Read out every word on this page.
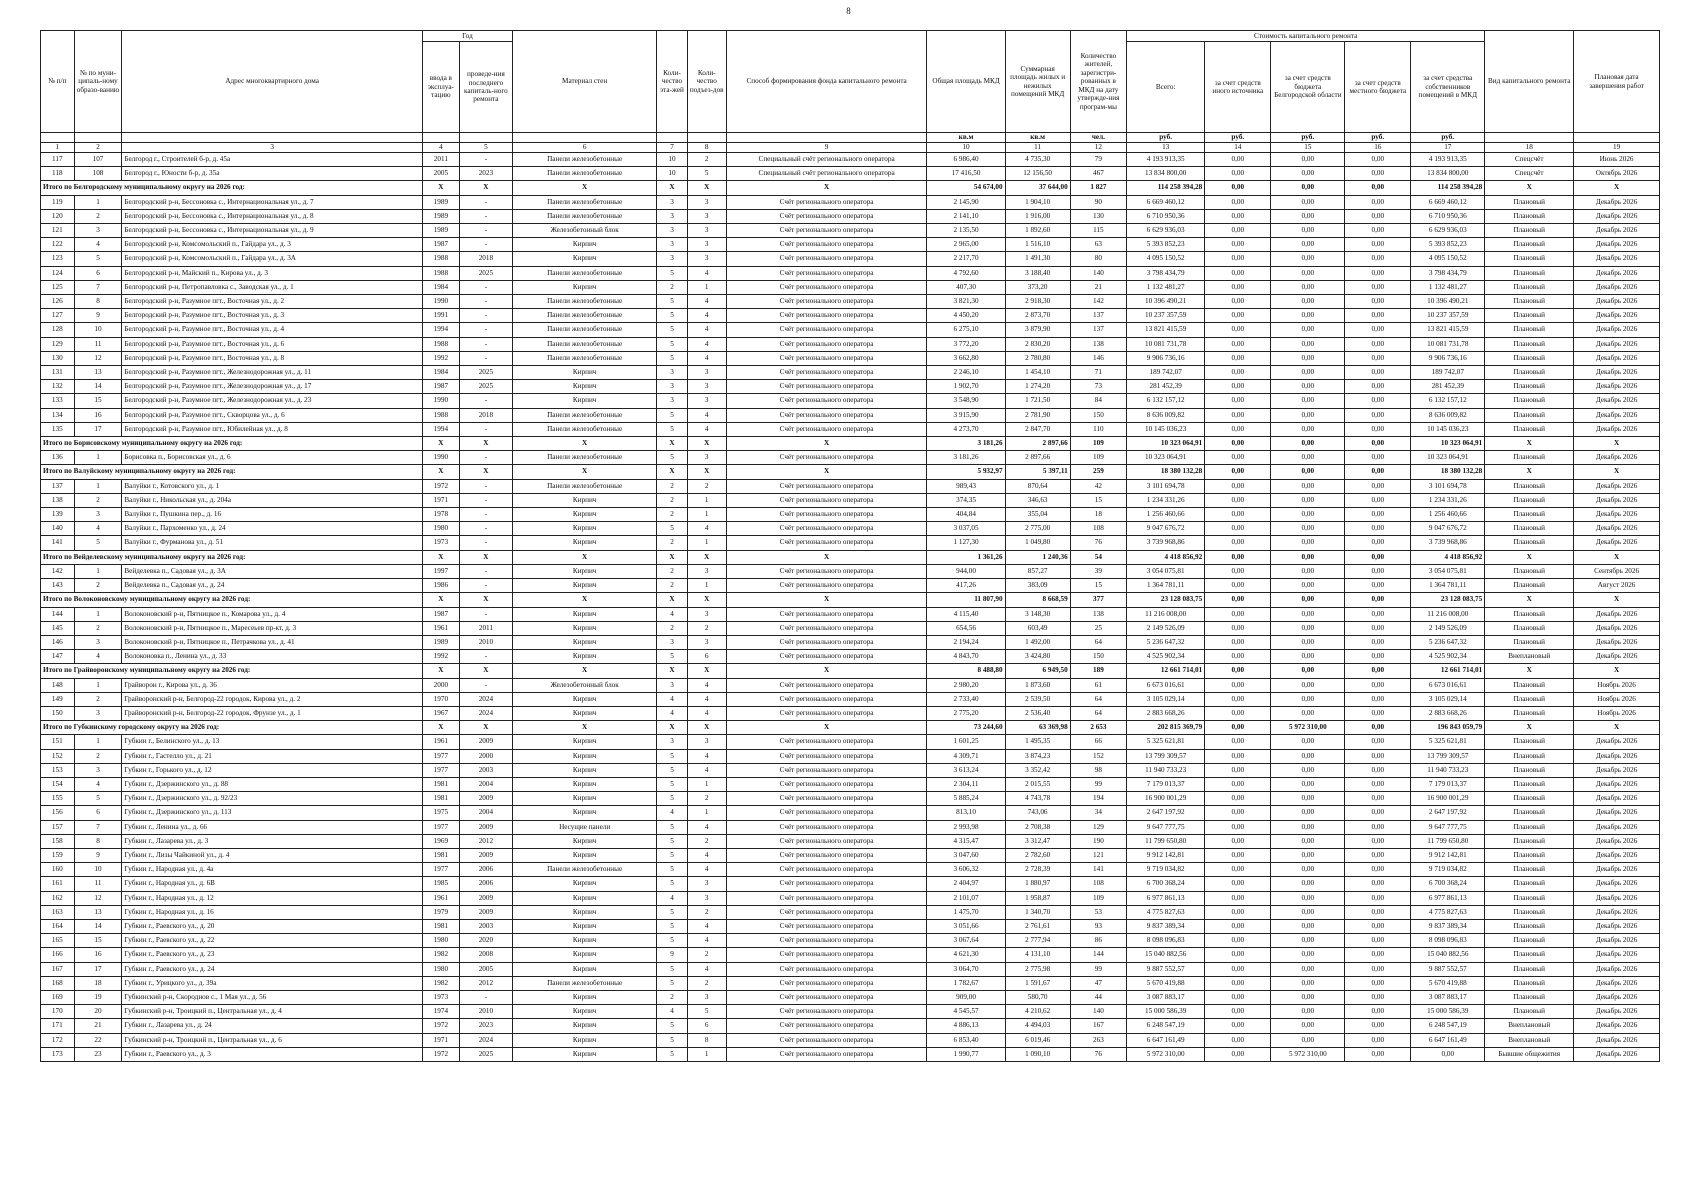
8
№ п/п	№ по муни-ципаль-ному образо-ванию	Адрес многоквартирного дома	Год		Материал стен	Коли-чество эта-жей	Коли-чество подъез-дов	Способ формирования фонда капитального ремонта	Общая площадь МКД	Суммарная площадь жилых и нежилых помещений МКД	Количество жителей, зарегистри-рованных в МКД на дату утвержде-ния програм-мы	Стоимость капитального ремонта					Вид капитального ремонта	Плановая дата завершения работ
			ввода в эксплуа-тацию	проведе-ния последнего капиталь-ного ремонта								Всего:	за счет средств иного источника	за счет средств бюджета Белгородской области	за счет средств местного бюджета	за счет средства собственников помещений в МКД		
									кв.м	кв.м	чел.	руб.	руб.	руб.	руб.	руб.		
1	2	3	4	5	6	7	8	9	10	11	12	13	14	15	16	17	18	19
117	107	Белгород г., Строителей б-р, д. 45а	2011	-	Панели железобетонные	10	2	Специальный счёт регионального оператора	6 986,40	4 735,30	79	4 193 913,35	0,00	0,00	0,00	4 193 913,35	Спецсчёт	Июнь 2026
118	108	Белгород г., Юности б-р, д. 35а	2005	2023	Панели железобетонные	10	5	Специальный счёт регионального оператора	17 416,50	12 156,50	467	13 834 800,00	0,00	0,00	0,00	13 834 800,00	Спецсчёт	Октябрь 2026
Итого по Белгородскому муниципальному округу на 2026 год:			X	X	X	X	X	X	54 674,00	37 644,00	1 827	114 258 394,28	0,00	0,00	0,00	114 258 394,28	X	X
119	1	Белгородский р-н, Бессоновка с., Интернациональная ул., д. 7	1989	-	Панели железобетонные	3	3	Счёт регионального оператора	2 145,90	1 904,10	90	6 669 460,12	0,00	0,00	0,00	6 669 460,12	Плановый	Декабрь 2026
120	2	Белгородский р-н, Бессоновка с., Интернациональная ул., д. 8	1989	-	Панели железобетонные	3	3	Счёт регионального оператора	2 141,10	1 916,00	130	6 710 950,36	0,00	0,00	0,00	6 710 950,36	Плановый	Декабрь 2026
121	3	Белгородский р-н, Бессоновка с., Интернациональная ул., д. 9	1989	-	Железобетонный блок	3	3	Счёт регионального оператора	2 135,50	1 892,60	115	6 629 936,03	0,00	0,00	0,00	6 629 936,03	Плановый	Декабрь 2026
122	4	Белгородский р-н, Комсомольский п., Гайдара ул., д. 3	1987	-	Кирпич	3	3	Счёт регионального оператора	2 965,00	1 516,10	63	5 393 852,23	0,00	0,00	0,00	5 393 852,23	Плановый	Декабрь 2026
123	5	Белгородский р-н, Комсомольский п., Гайдара ул., д. 3А	1988	2018	Кирпич	3	3	Счёт регионального оператора	2 217,70	1 491,30	80	4 095 150,52	0,00	0,00	0,00	4 095 150,52	Плановый	Декабрь 2026
124	6	Белгородский р-н, Майский п., Кирова ул., д. 3	1988	2025	Панели железобетонные	5	4	Счёт регионального оператора	4 792,60	3 188,40	140	3 798 434,79	0,00	0,00	0,00	3 798 434,79	Плановый	Декабрь 2026
125	7	Белгородский р-н, Петропавловка с., Заводская ул., д. 1	1984	-	Кирпич	2	1	Счёт регионального оператора	407,30	373,20	21	1 132 481,27	0,00	0,00	0,00	1 132 481,27	Плановый	Декабрь 2026
126	8	Белгородский р-н, Разумное пгт., Восточная ул., д. 2	1990	-	Панели железобетонные	5	4	Счёт регионального оператора	3 821,30	2 918,30	142	10 396 490,21	0,00	0,00	0,00	10 396 490,21	Плановый	Декабрь 2026
127	9	Белгородский р-н, Разумное пгт., Восточная ул., д. 3	1991	-	Панели железобетонные	5	4	Счёт регионального оператора	4 450,20	2 873,70	137	10 237 357,59	0,00	0,00	0,00	10 237 357,59	Плановый	Декабрь 2026
128	10	Белгородский р-н, Разумное пгт., Восточная ул., д. 4	1994	-	Панели железобетонные	5	4	Счёт регионального оператора	6 275,10	3 879,90	137	13 821 415,59	0,00	0,00	0,00	13 821 415,59	Плановый	Декабрь 2026
129	11	Белгородский р-н, Разумное пгт., Восточная ул., д. 6	1988	-	Панели железобетонные	5	4	Счёт регионального оператора	3 772,20	2 830,20	138	10 081 731,78	0,00	0,00	0,00	10 081 731,78	Плановый	Декабрь 2026
130	12	Белгородский р-н, Разумное пгт., Восточная ул., д. 8	1992	-	Панели железобетонные	5	4	Счёт регионального оператора	3 662,80	2 780,80	146	9 906 736,16	0,00	0,00	0,00	9 906 736,16	Плановый	Декабрь 2026
131	13	Белгородский р-н, Разумное пгт., Железнодорожная ул., д. 11	1984	2025	Кирпич	3	3	Счёт регионального оператора	2 246,10	1 454,10	71	189 742,07	0,00	0,00	0,00	189 742,07	Плановый	Декабрь 2026
132	14	Белгородский р-н, Разумное пгт., Железнодорожная ул., д. 17	1987	2025	Кирпич	3	3	Счёт регионального оператора	1 902,70	1 274,20	73	281 452,39	0,00	0,00	0,00	281 452,39	Плановый	Декабрь 2026
133	15	Белгородский р-н, Разумное пгт., Железнодорожная ул., д. 23	1990	-	Кирпич	3	3	Счёт регионального оператора	3 548,90	1 721,50	84	6 132 157,12	0,00	0,00	0,00	6 132 157,12	Плановый	Декабрь 2026
134	16	Белгородский р-н, Разумное пгт., Скворцова ул., д. 6	1988	2018	Панели железобетонные	5	4	Счёт регионального оператора	3 915,90	2 781,90	150	8 636 009,82	0,00	0,00	0,00	8 636 009,82	Плановый	Декабрь 2026
135	17	Белгородский р-н, Разумное пгт., Юбилейная ул., д. 8	1994	-	Панели железобетонные	5	4	Счёт регионального оператора	4 273,70	2 847,70	110	10 145 036,23	0,00	0,00	0,00	10 145 036,23	Плановый	Декабрь 2026
Итого по Борисовскому муниципальному округу на 2026 год:			X	X	X	X	X	X	3 181,26	2 897,66	109	10 323 064,91	0,00	0,00	0,00	10 323 064,91	X	X
136	1	Борисовка п., Борисовская ул., д. 6	1990	-	Панели железобетонные	5	3	Счёт регионального оператора	3 181,26	2 897,66	109	10 323 064,91	0,00	0,00	0,00	10 323 064,91	Плановый	Декабрь 2026
Итого по Валуйскому муниципальному округу на 2026 год:			X	X	X	X	X	X	5 932,97	5 397,11	259	18 380 132,28	0,00	0,00	0,00	18 380 132,28	X	X
137	1	Валуйки г., Котовского ул., д. 1	1972	-	Панели железобетонные	2	2	Счёт регионального оператора	989,43	870,64	42	3 101 694,78	0,00	0,00	0,00	3 101 694,78	Плановый	Декабрь 2026
138	2	Валуйки г., Никольская ул., д. 204а	1971	-	Кирпич	2	1	Счёт регионального оператора	374,35	346,63	15	1 234 331,26	0,00	0,00	0,00	1 234 331,26	Плановый	Декабрь 2026
139	3	Валуйки г., Пушкина пер., д. 16	1978	-	Кирпич	2	1	Счёт регионального оператора	404,84	355,04	18	1 256 460,66	0,00	0,00	0,00	1 256 460,66	Плановый	Декабрь 2026
140	4	Валуйки г., Пархоменко ул., д. 24	1980	-	Кирпич	5	4	Счёт регионального оператора	3 037,05	2 775,00	108	9 047 676,72	0,00	0,00	0,00	9 047 676,72	Плановый	Декабрь 2026
141	5	Валуйки г., Фурманова ул., д. 51	1973	-	Кирпич	2	1	Счёт регионального оператора	1 127,30	1 049,80	76	3 739 968,86	0,00	0,00	0,00	3 739 968,86	Плановый	Декабрь 2026
Итого по Вейделевскому муниципальному округу на 2026 год:			X	X	X	X	X	X	1 361,26	1 240,36	54	4 418 856,92	0,00	0,00	0,00	4 418 856,92	X	X
142	1	Вейделевка п., Садовая ул., д. 3А	1997	-	Кирпич	2	3	Счёт регионального оператора	944,00	857,27	39	3 054 075,81	0,00	0,00	0,00	3 054 075,81	Плановый	Сентябрь 2026
143	2	Вейделевка п., Садовая ул., д. 24	1986	-	Кирпич	2	1	Счёт регионального оператора	417,26	383,09	15	1 364 781,11	0,00	0,00	0,00	1 364 781,11	Плановый	Август 2026
Итого по Волоконовскому муниципальному округу на 2026 год:			X	X	X	X	X	X	11 807,90	8 668,59	377	23 128 083,75	0,00	0,00	0,00	23 128 083,75	X	X
144	1	Волоконовский р-н, Пятницкое п., Комарова ул., д. 4	1987	-	Кирпич	4	3	Счёт регионального оператора	4 115,40	3 148,30	138	11 216 008,00	0,00	0,00	0,00	11 216 008,00	Плановый	Декабрь 2026
145	2	Волоконовский р-н, Пятницкое п., Маресеьев пр-кт, д. 3	1961	2011	Кирпич	2	2	Счёт регионального оператора	654,56	603,49	25	2 149 526,09	0,00	0,00	0,00	2 149 526,09	Плановый	Декабрь 2026
146	3	Волоконовский р-н, Пятницкое п., Петрачкова ул., д. 41	1989	2010	Кирпич	3	3	Счёт регионального оператора	2 194,24	1 492,00	64	5 236 647,32	0,00	0,00	0,00	5 236 647,32	Плановый	Декабрь 2026
147	4	Волоконовка п., Ленина ул., д. 33	1992	-	Кирпич	5	6	Счёт регионального оператора	4 843,70	3 424,80	150	4 525 902,34	0,00	0,00	0,00	4 525 902,34	Внеплановый	Декабрь 2026
Итого по Грайворонскому муниципальному округу на 2026 год:			X	X	X	X	X	X	8 488,80	6 949,50	189	12 661 714,01	0,00	0,00	0,00	12 661 714,01	X	X
148	1	Грайворон г., Кирова ул., д. 36	2000	-	Железобетонный блок	3	4	Счёт регионального оператора	2 980,20	1 873,60	61	6 673 016,61	0,00	0,00	0,00	6 673 016,61	Плановый	Ноябрь 2026
149	2	Грайворонский р-н, Белгород-22 городок, Кирова ул., д. 2	1970	2024	Кирпич	4	4	Счёт регионального оператора	2 733,40	2 539,50	64	3 105 029,14	0,00	0,00	0,00	3 105 029,14	Плановый	Ноябрь 2026
150	3	Грайворонский р-н, Белгород-22 городок, Фрунзе ул., д. 1	1967	2024	Кирпич	4	4	Счёт регионального оператора	2 775,20	2 536,40	64	2 883 668,26	0,00	0,00	0,00	2 883 668,26	Плановый	Ноябрь 2026
Итого по Губкинскому городскому округу на 2026 год:			X	X	X	X	X	X	73 244,60	63 369,98	2 653	202 815 369,79	0,00	5 972 310,00	0,00	196 843 059,79	X	X
151	1	Губкин г., Белинского ул., д. 13	1961	2009	Кирпич	3	3	Счёт регионального оператора	1 601,25	1 495,35	66	5 325 621,81	0,00	0,00	0,00	5 325 621,81	Плановый	Декабрь 2026
152	2	Губкин г., Гастелло ул., д. 21	1977	2000	Кирпич	5	4	Счёт регионального оператора	4 309,71	3 874,23	152	13 799 309,57	0,00	0,00	0,00	13 799 309,57	Плановый	Декабрь 2026
153	3	Губкин г., Горького ул., д. 12	1977	2003	Кирпич	5	4	Счёт регионального оператора	3 613,24	3 352,42	98	11 940 733,23	0,00	0,00	0,00	11 940 733,23	Плановый	Декабрь 2026
154	4	Губкин г., Дзержинского ул., д. 88	1981	2004	Кирпич	5	1	Счёт регионального оператора	2 304,11	2 015,55	99	7 179 013,37	0,00	0,00	0,00	7 179 013,37	Плановый	Декабрь 2026
155	5	Губкин г., Дзержинского ул., д. 92/23	1981	2009	Кирпич	5	2	Счёт регионального оператора	5 885,24	4 743,78	194	16 900 001,29	0,00	0,00	0,00	16 900 001,29	Плановый	Декабрь 2026
156	6	Губкин г., Дзержинского ул., д. 113	1975	2004	Кирпич	4	1	Счёт регионального оператора	813,10	743,06	34	2 647 197,92	0,00	0,00	0,00	2 647 197,92	Плановый	Декабрь 2026
157	7	Губкин г., Ленина ул., д. 66	1977	2009	Несущие панели	5	4	Счёт регионального оператора	2 993,98	2 708,38	129	9 647 777,75	0,00	0,00	0,00	9 647 777,75	Плановый	Декабрь 2026
158	8	Губкин г., Лазарева ул., д. 3	1969	2012	Кирпич	5	2	Счёт регионального оператора	4 315,47	3 312,47	190	11 799 650,80	0,00	0,00	0,00	11 799 650,80	Плановый	Декабрь 2026
159	9	Губкин г., Лизы Чайкиной ул., д. 4	1981	2009	Кирпич	5	4	Счёт регионального оператора	3 047,60	2 782,60	121	9 912 142,81	0,00	0,00	0,00	9 912 142,81	Плановый	Декабрь 2026
160	10	Губкин г., Народная ул., д. 4а	1977	2006	Панели железобетонные	5	4	Счёт регионального оператора	3 606,32	2 728,39	141	9 719 034,82	0,00	0,00	0,00	9 719 034,82	Плановый	Декабрь 2026
161	11	Губкин г., Народная ул., д. 6В	1985	2006	Кирпич	5	3	Счёт регионального оператора	2 404,97	1 880,97	108	6 700 368,24	0,00	0,00	0,00	6 700 368,24	Плановый	Декабрь 2026
162	12	Губкин г., Народная ул., д. 12	1961	2009	Кирпич	4	3	Счёт регионального оператора	2 101,07	1 958,87	109	6 977 861,13	0,00	0,00	0,00	6 977 861,13	Плановый	Декабрь 2026
163	13	Губкин г., Народная ул., д. 16	1979	2009	Кирпич	5	2	Счёт регионального оператора	1 475,70	1 340,70	53	4 775 827,63	0,00	0,00	0,00	4 775 827,63	Плановый	Декабрь 2026
164	14	Губкин г., Раевского ул., д. 20	1981	2003	Кирпич	5	4	Счёт регионального оператора	3 051,66	2 761,61	93	9 837 389,34	0,00	0,00	0,00	9 837 389,34	Плановый	Декабрь 2026
165	15	Губкин г., Раевского ул., д. 22	1980	2020	Кирпич	5	4	Счёт регионального оператора	3 067,64	2 777,94	86	8 098 096,83	0,00	0,00	0,00	8 098 096,83	Плановый	Декабрь 2026
166	16	Губкин г., Раевского ул., д. 23	1982	2008	Кирпич	9	2	Счёт регионального оператора	4 621,30	4 131,10	144	15 040 882,56	0,00	0,00	0,00	15 040 882,56	Плановый	Декабрь 2026
167	17	Губкин г., Раевского ул., д. 24	1980	2005	Кирпич	5	4	Счёт регионального оператора	3 064,70	2 775,98	99	9 887 552,57	0,00	0,00	0,00	9 887 552,57	Плановый	Декабрь 2026
168	18	Губкин г., Урицкого ул., д. 39а	1982	2012	Панели железобетонные	5	2	Счёт регионального оператора	1 782,67	1 591,67	47	5 670 419,88	0,00	0,00	0,00	5 670 419,88	Плановый	Декабрь 2026
169	19	Губкинский р-н, Скороднов с., 1 Мая ул., д. 56	1973	-	Кирпич	2	3	Счёт регионального оператора	909,00	580,70	44	3 087 883,17	0,00	0,00	0,00	3 087 883,17	Плановый	Декабрь 2026
170	20	Губкинский р-н, Троицкий п., Центральная ул., д. 4	1974	2010	Кирпич	4	5	Счёт регионального оператора	4 545,57	4 210,62	140	15 000 586,39	0,00	0,00	0,00	15 000 586,39	Плановый	Декабрь 2026
171	21	Губкин г., Лазарева ул., д. 24	1972	2023	Кирпич	5	6	Счёт регионального оператора	4 886,13	4 494,03	167	6 248 547,19	0,00	0,00	0,00	6 248 547,19	Внеплановый	Декабрь 2026
172	22	Губкинский р-н, Троицкий п., Центральная ул., д. 6	1971	2024	Кирпич	5	8	Счёт регионального оператора	6 853,40	6 019,46	263	6 647 161,49	0,00	0,00	0,00	6 647 161,49	Внеплановый	Декабрь 2026
173	23	Губкин г., Раевского ул., д. 3	1972	2025	Кирпич	5	1	Счёт регионального оператора	1 990,77	1 090,10	76	5 972 310,00	0,00	5 972 310,00	0,00	0,00	Бывшие общежития	Декабрь 2026
